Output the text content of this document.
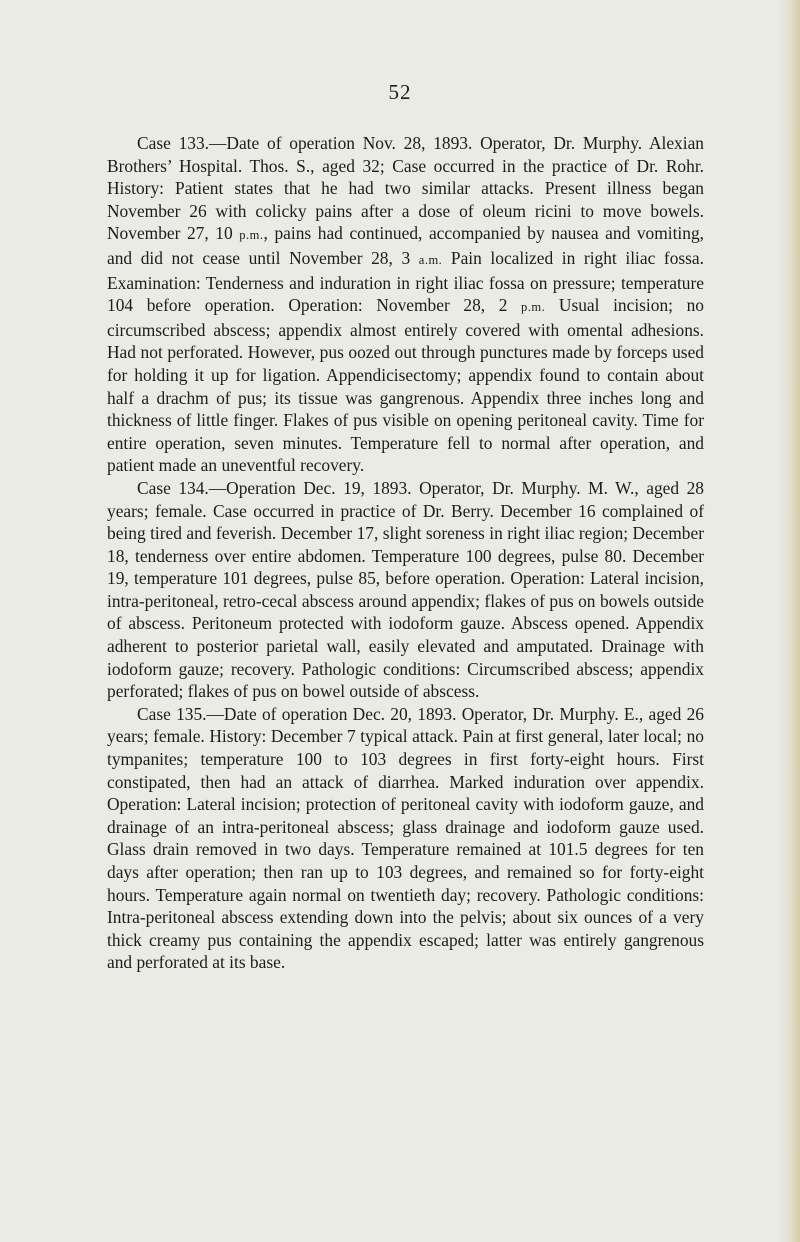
52

Case 133.—Date of operation Nov. 28, 1893. Operator, Dr. Murphy. Alexian Brothers’ Hospital. Thos. S., aged 32; Case occurred in the practice of Dr. Rohr. History: Patient states that he had two similar attacks. Present illness began November 26 with colicky pains after a dose of oleum ricini to move bowels. November 27, 10 p.m., pains had continued, accompanied by nausea and vomiting, and did not cease until November 28, 3 a.m. Pain localized in right iliac fossa. Examination: Tenderness and induration in right iliac fossa on pressure; temperature 104 before operation. Operation: November 28, 2 p.m. Usual incision; no circumscribed abscess; appendix almost entirely covered with omental adhesions. Had not perforated. However, pus oozed out through punctures made by forceps used for holding it up for ligation. Appendicisectomy; appendix found to contain about half a drachm of pus; its tissue was gangrenous. Appendix three inches long and thickness of little finger. Flakes of pus visible on opening peritoneal cavity. Time for entire operation, seven minutes. Temperature fell to normal after operation, and patient made an uneventful recovery.

Case 134.—Operation Dec. 19, 1893. Operator, Dr. Murphy. M. W., aged 28 years; female. Case occurred in practice of Dr. Berry. December 16 complained of being tired and feverish. December 17, slight soreness in right iliac region; December 18, tenderness over entire abdomen. Temperature 100 degrees, pulse 80. December 19, temperature 101 degrees, pulse 85, before operation. Operation: Lateral incision, intra-peritoneal, retro-cecal abscess around appendix; flakes of pus on bowels outside of abscess. Peritoneum protected with iodoform gauze. Abscess opened. Appendix adherent to posterior parietal wall, easily elevated and amputated. Drainage with iodoform gauze; recovery. Pathologic conditions: Circumscribed abscess; appendix perforated; flakes of pus on bowel outside of abscess.

Case 135.—Date of operation Dec. 20, 1893. Operator, Dr. Murphy. E., aged 26 years; female. History: December 7 typical attack. Pain at first general, later local; no tympanites; temperature 100 to 103 degrees in first forty-eight hours. First constipated, then had an attack of diarrhea. Marked induration over appendix. Operation: Lateral incision; protection of peritoneal cavity with iodoform gauze, and drainage of an intra-peritoneal abscess; glass drainage and iodoform gauze used. Glass drain removed in two days. Temperature remained at 101.5 degrees for ten days after operation; then ran up to 103 degrees, and remained so for forty-eight hours. Temperature again normal on twentieth day; recovery. Pathologic conditions: Intra-peritoneal abscess extending down into the pelvis; about six ounces of a very thick creamy pus containing the appendix escaped; latter was entirely gangrenous and perforated at its base.
